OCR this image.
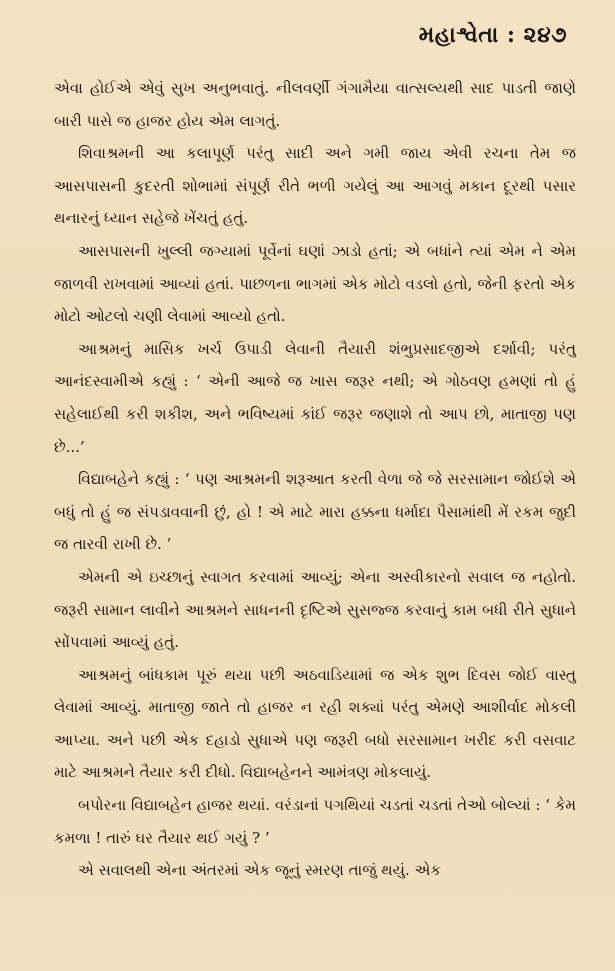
મહાશ્વેતા : ૨૪૭

એવા હોઈએ એવું સુખ અનુભવાતું. નીલવર્ણી ગંગામૈયા વાત્સલ્યથી સાદ પાડતી જાણે બારી પાસે જ હાજર હોય એમ લાગતું.

શિવાશ્રમની આ કલાપૂર્ણ પરંતુ સાદી અને ગમી જાય એવી રચના તેમ જ આસપાસની કુદરતી શોભામાં સંપૂર્ણ રીતે ભળી ગયેલું આ આગવું મકાન દૂરથી પસાર થનારનું ધ્યાન સહેજે ખેંચતું હતું.

આસપાસની ખુલ્લી જગ્યામાં પૂર્વેનાં ઘણાં ઝાડો હતાં; એ બધાંને ત્યાં એમ ને એમ જાળવી રાખવામાં આવ્યાં હતાં. પાછળના ભાગમાં એક મોટો વડલો હતો, જેની ફરતો એક મોટો ઓટલો ચણી લેવામાં આવ્યો હતો.

આશ્રમનું માસિક ખર્ચ ઉપાડી લેવાની તૈયારી શંભુપ્રસાદજીએ દર્શાવી; પરંતુ આનંદસ્વામીએ કહ્યું : ‘ એની આજે જ ખાસ જરૂર નથી; એ ગોઠવણ હમણાં તો હું સહેલાઈથી કરી શકીશ, અને ભવિષ્યમાં કાંઈ જરૂર જણાશે તો આપ છો, માતાજી પણ છે...’

વિદ્યાબહેને કહ્યું : ‘ પણ આશ્રમની શરૂઆત કરતી વેળા જે જે સરસામાન જોઈશે એ બધું તો હું જ સંપડાવવાની છું, હો ! એ માટે મારા હક્કના ધર્માદા પૈસામાંથી મેં રકમ જુદી જ તારવી રાખી છે. ’

એમની એ ઇચ્છાનું સ્વાગત કરવામાં આવ્યું; એના અસ્વીકારનો સવાલ જ નહોતો. જરૂરી સામાન લાવીને આશ્રમને સાધનની દૃષ્ટિએ સુસજ્જ કરવાનું કામ બધી રીતે સુધાને સોંપવામાં આવ્યું હતું.

આશ્રમનું બાંધકામ પૂરું થયા પછી અઠવાડિયામાં જ એક શુભ દિવસ જોઈ વાસ્તુ લેવામાં આવ્યું. માતાજી જાતે તો હાજર ન રહી શક્યાં પરંતુ એમણે આશીર્વાદ મોકલી આપ્યા. અને પછી એક દહાડો સુધાએ પણ જરૂરી બધો સરસામાન ખરીદ કરી વસવાટ માટે આશ્રમને તૈયાર કરી દીધો. વિદ્યાબહેનને આમંત્રણ મોકલાયું.

બપોરના વિદ્યાબહેન હાજર થયાં. વરંડાનાં પગથિયાં ચડતાં ચડતાં તેઓ બોલ્યાં : ‘ કેમ કમળા ! તારું ઘર તૈયાર થઈ ગયું ? ’

એ સવાલથી એના અંતરમાં એક જૂનું સ્મરણ તાજું થયું. એક
